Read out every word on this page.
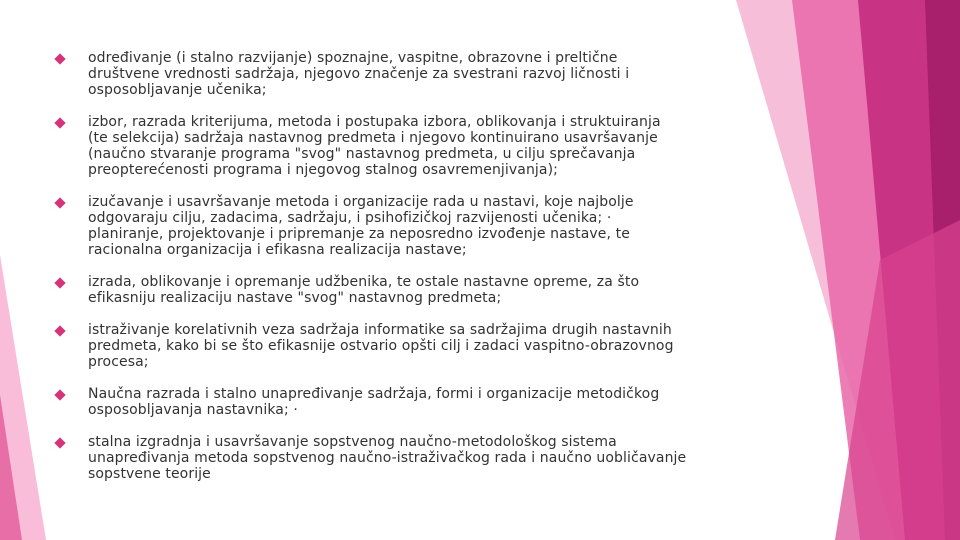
određivanje (i stalno razvijanje) spoznajne, vaspitne, obrazovne i preltične
društvene vrednosti sadržaja, njegovo značenje za svestrani razvoj ličnosti i
osposobljavanje učenika;
izbor, razrada kriterijuma, metoda i postupaka izbora, oblikovanja i struktuiranja
(te selekcija) sadržaja nastavnog predmeta i njegovo kontinuirano usavršavanje
(naučno stvaranje programa "svog" nastavnog predmeta, u cilju sprečavanja
preopterećenosti programa i njegovog stalnog osavremenjivanja);
izučavanje i usavršavanje metoda i organizacije rada u nastavi, koje najbolje
odgovaraju cilju, zadacima, sadržaju, i psihofizičkoj razvijenosti učenika; ·
planiranje, projektovanje i pripremanje za neposredno izvođenje nastave, te
racionalna organizacija i efikasna realizacija nastave;
izrada, oblikovanje i opremanje udžbenika, te ostale nastavne opreme, za što
efikasniju realizaciju nastave "svog" nastavnog predmeta;
istraživanje korelativnih veza sadržaja informatike sa sadržajima drugih nastavnih
predmeta, kako bi se što efikasnije ostvario opšti cilj i zadaci vaspitno-obrazovnog
procesa;
Naučna razrada i stalno unapređivanje sadržaja, formi i organizacije metodičkog
osposobljavanja nastavnika; ·
stalna izgradnja i usavršavanje sopstvenog naučno-metodološkog sistema
unapređivanja metoda sopstvenog naučno-istraživačkog rada i naučno uobličavanje
sopstvene teorije
